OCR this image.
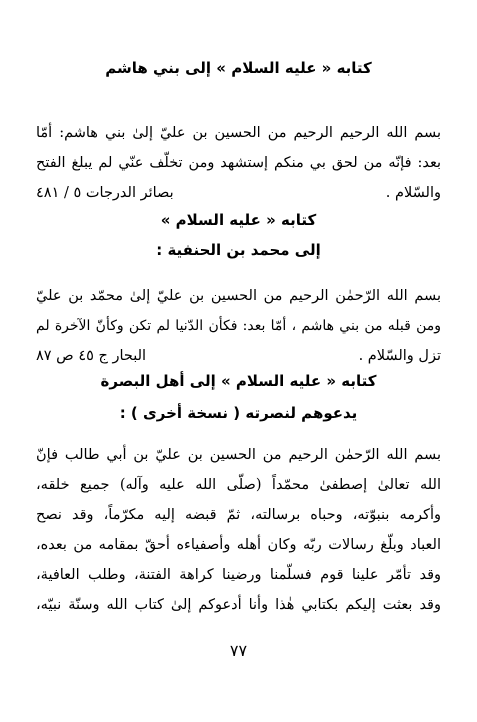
كتابه « عليه السلام » إلى بني هاشم
بسم الله الرحيم الرحيم من الحسين بن عليّ إلىٰ بني هاشم: أمّا
بعد: فإنّه من لحق بي منكم إستشهد ومن تخلّف عنّي لم يبلغ الفتح
والسّلام .
بصائر الدرجات ٥ / ٤٨١
كتابه « عليه السلام »
إلى محمد بن الحنفية :
بسم الله الرّحمٰن الرحيم من الحسين بن عليّ إلىٰ محمّد بن عليّ
ومن قبله من بني هاشم ، أمّا بعد: فكأن الدّنيا لم تكن وكأنّ الآخرة لم
تزل والسّلام .
البحار ج ٤٥ ص ٨٧
كتابه « عليه السلام » إلى أهل البصرة
يدعوهم لنصرته ( نسخة أخرى ) :
بسم الله الرّحمٰن الرحيم من الحسين بن عليّ بن أبي طالب فإنّ
الله تعالىٰ إصطفىٰ محمّداً (صلّى الله عليه وآله) جميع خلقه،
وأكرمه بنبوّته، وحباه برسالته، ثمّ قبضه إليه مكرّماً، وقد نصح
العباد وبلّغ رسالات ربّه وكان أهله وأصفياءه أحقّ بمقامه من بعده،
وقد تأمّر علينا قوم فسلّمنا ورضينا كراهة الفتنة، وطلب العافية،
وقد بعثت إليكم بكتابي هٰذا وأنا أدعوكم إلىٰ كتاب الله وسنّة نبيّه،
٧٧
